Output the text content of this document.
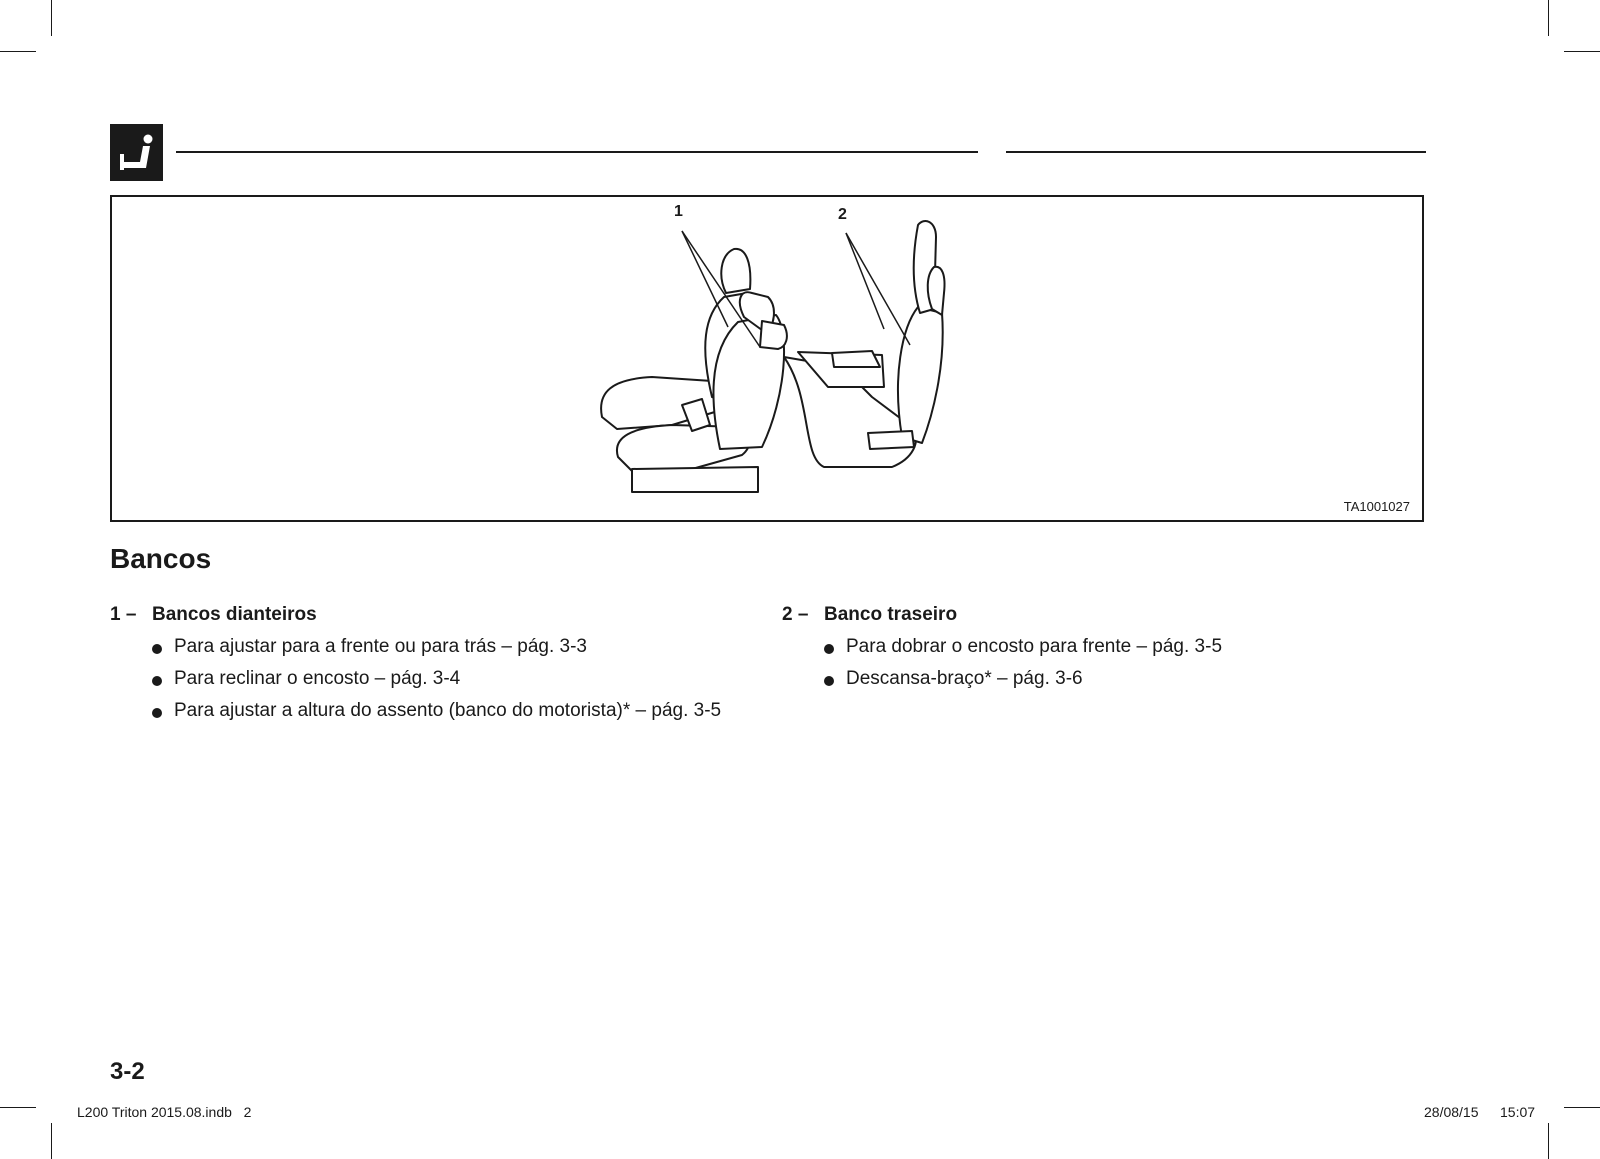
1	2
TA1001027
Bancos
1 – Bancos dianteiros
Para ajustar para a frente ou para trás – pág. 3-3
Para reclinar o encosto – pág. 3-4
Para ajustar a altura do assento (banco do motorista)* – pág. 3-5
2 – Banco traseiro
Para dobrar o encosto para frente – pág. 3-5
Descansa-braço* – pág. 3-6
3-2
L200 Triton 2015.08.indb   2	28/08/15 15:07
